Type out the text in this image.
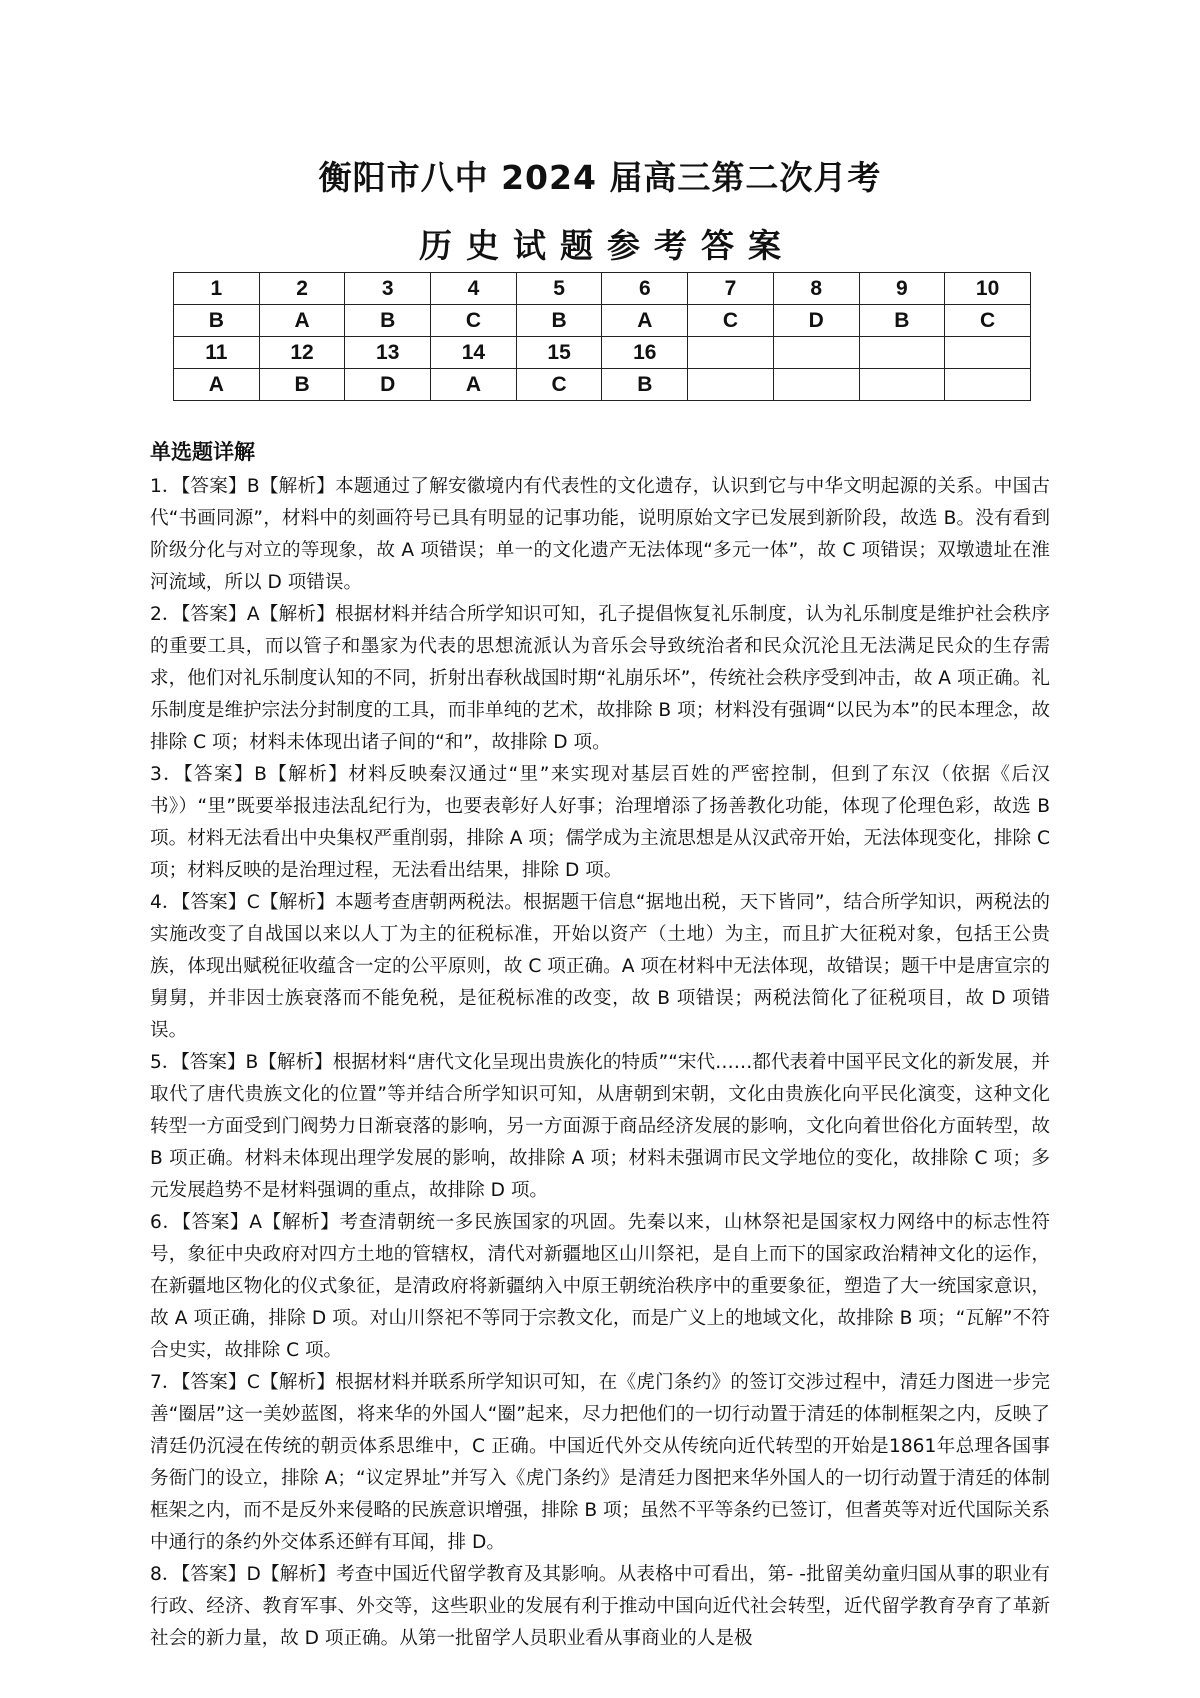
衡阳市八中 2024 届高三第二次月考
历史试题参考答案
1	2	3	4	5	6	7	8	9	10
B	A	B	C	B	A	C	D	B	C
11	12	13	14	15	16				
A	B	D	A	C	B				
单选题详解

1．【答案】B【解析】本题通过了解安徽境内有代表性的文化遗存，认识到它与中华文明起源的关系。中国古代“书画同源”，材料中的刻画符号已具有明显的记事功能，说明原始文字已发展到新阶段，故选 B。没有看到阶级分化与对立的等现象，故 A 项错误；单一的文化遗产无法体现“多元一体”，故 C 项错误；双墩遗址在淮河流域，所以 D 项错误。

2．【答案】A【解析】根据材料并结合所学知识可知，孔子提倡恢复礼乐制度，认为礼乐制度是维护社会秩序的重要工具，而以管子和墨家为代表的思想流派认为音乐会导致统治者和民众沉沦且无法满足民众的生存需求，他们对礼乐制度认知的不同，折射出春秋战国时期“礼崩乐坏”，传统社会秩序受到冲击，故 A 项正确。礼乐制度是维护宗法分封制度的工具，而非单纯的艺术，故排除 B 项；材料没有强调“以民为本”的民本理念，故排除 C 项；材料未体现出诸子间的“和”，故排除 D 项。

3．【答案】B【解析】材料反映秦汉通过“里”来实现对基层百姓的严密控制，但到了东汉（依据《后汉书》）“里”既要举报违法乱纪行为，也要表彰好人好事；治理增添了扬善教化功能，体现了伦理色彩，故选 B 项。材料无法看出中央集权严重削弱，排除 A 项；儒学成为主流思想是从汉武帝开始，无法体现变化，排除 C 项；材料反映的是治理过程，无法看出结果，排除 D 项。

4．【答案】C【解析】本题考查唐朝两税法。根据题干信息“据地出税，天下皆同”，结合所学知识，两税法的实施改变了自战国以来以人丁为主的征税标准，开始以资产（土地）为主，而且扩大征税对象，包括王公贵族，体现出赋税征收蕴含一定的公平原则，故 C 项正确。A 项在材料中无法体现，故错误；题干中是唐宣宗的舅舅，并非因士族衰落而不能免税，是征税标准的改变，故 B 项错误；两税法简化了征税项目，故 D 项错误。

5．【答案】B【解析】根据材料“唐代文化呈现出贵族化的特质”“宋代……都代表着中国平民文化的新发展，并取代了唐代贵族文化的位置”等并结合所学知识可知，从唐朝到宋朝，文化由贵族化向平民化演变，这种文化转型一方面受到门阀势力日渐衰落的影响，另一方面源于商品经济发展的影响，文化向着世俗化方面转型，故 B 项正确。材料未体现出理学发展的影响，故排除 A 项；材料未强调市民文学地位的变化，故排除 C 项；多元发展趋势不是材料强调的重点，故排除 D 项。

6．【答案】A【解析】考查清朝统一多民族国家的巩固。先秦以来，山林祭祀是国家权力网络中的标志性符号，象征中央政府对四方土地的管辖权，清代对新疆地区山川祭祀，是自上而下的国家政治精神文化的运作，在新疆地区物化的仪式象征，是清政府将新疆纳入中原王朝统治秩序中的重要象征，塑造了大一统国家意识，故 A 项正确，排除 D 项。对山川祭祀不等同于宗教文化，而是广义上的地域文化，故排除 B 项；“瓦解”不符合史实，故排除 C 项。

7．【答案】C【解析】根据材料并联系所学知识可知，在《虎门条约》的签订交涉过程中，清廷力图进一步完善“圈居”这一美妙蓝图，将来华的外国人“圈”起来，尽力把他们的一切行动置于清廷的体制框架之内，反映了清廷仍沉浸在传统的朝贡体系思维中，C 正确。中国近代外交从传统向近代转型的开始是1861年总理各国事务衙门的设立，排除 A；“议定界址”并写入《虎门条约》是清廷力图把来华外国人的一切行动置于清廷的体制框架之内，而不是反外来侵略的民族意识增强，排除 B 项；虽然不平等条约已签订，但耆英等对近代国际关系中通行的条约外交体系还鲜有耳闻，排 D。

8．【答案】D【解析】考查中国近代留学教育及其影响。从表格中可看出，第- -批留美幼童归国从事的职业有行政、经济、教育军事、外交等，这些职业的发展有利于推动中国向近代社会转型，近代留学教育孕育了革新社会的新力量，故 D 项正确。从第一批留学人员职业看从事商业的人是极
